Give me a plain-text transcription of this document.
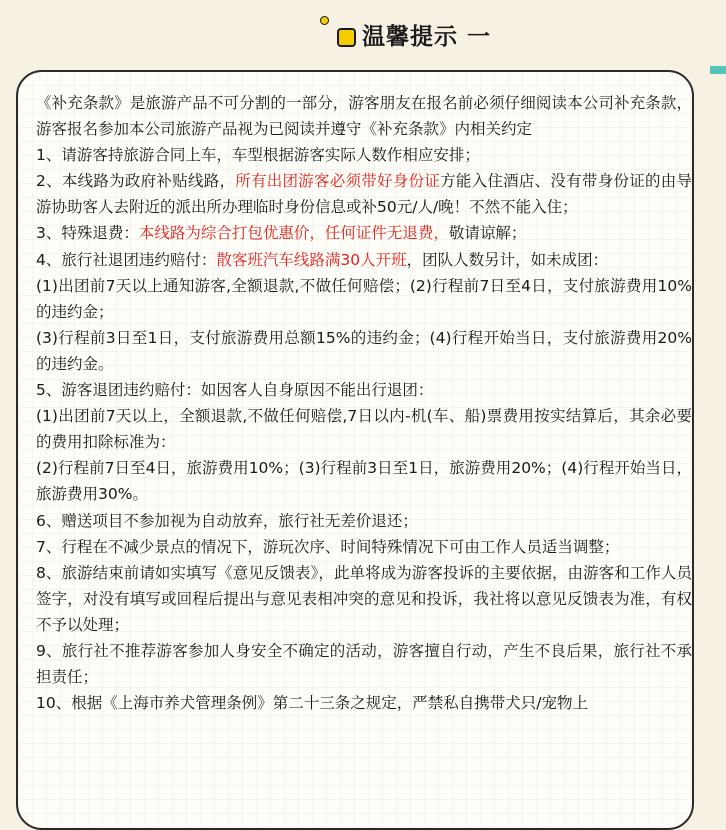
温馨提示 一

《补充条款》是旅游产品不可分割的一部分，游客朋友在报名前必须仔细阅读本公司补充条款，游客报名参加本公司旅游产品视为已阅读并遵守《补充条款》内相关约定

1、请游客持旅游合同上车，车型根据游客实际人数作相应安排；

2、本线路为政府补贴线路，所有出团游客必须带好身份证方能入住酒店、没有带身份证的由导游协助客人去附近的派出所办理临时身份信息或补50元/人/晚！不然不能入住；

3、特殊退费：本线路为综合打包优惠价，任何证件无退费，敬请谅解；

4、旅行社退团违约赔付：散客班汽车线路满30人开班，团队人数另计，如未成团：

(1)出团前7天以上通知游客,全额退款,不做任何赔偿；(2)行程前7日至4日，支付旅游费用10%的违约金；

(3)行程前3日至1日，支付旅游费用总额15%的违约金；(4)行程开始当日，支付旅游费用20%的违约金。

5、游客退团违约赔付：如因客人自身原因不能出行退团：

(1)出团前7天以上，全额退款,不做任何赔偿,7日以内-机(车、船)票费用按实结算后，其余必要的费用扣除标准为：

(2)行程前7日至4日，旅游费用10%；(3)行程前3日至1日，旅游费用20%；(4)行程开始当日，旅游费用30%。

6、赠送项目不参加视为自动放弃，旅行社无差价退还；

7、行程在不减少景点的情况下，游玩次序、时间特殊情况下可由工作人员适当调整；

8、旅游结束前请如实填写《意见反馈表》，此单将成为游客投诉的主要依据，由游客和工作人员签字，对没有填写或回程后提出与意见表相冲突的意见和投诉，我社将以意见反馈表为准，有权不予以处理；

9、旅行社不推荐游客参加人身安全不确定的活动，游客擅自行动，产生不良后果，旅行社不承担责任；

10、根据《上海市养犬管理条例》第二十三条之规定，严禁私自携带犬只/宠物上
